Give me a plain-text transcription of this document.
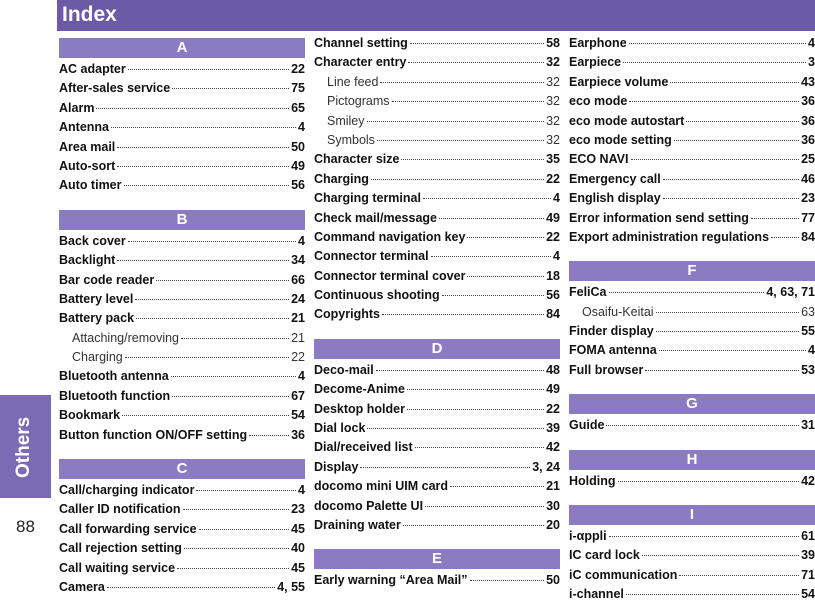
Others
88
Index
A
AC adapter	22
After-sales service	75
Alarm	65
Antenna	4
Area mail	50
Auto-sort	49
Auto timer	56
B
Back cover	4
Backlight	34
Bar code reader	66
Battery level	24
Battery pack	21
Attaching/removing	21
Charging	22
Bluetooth antenna	4
Bluetooth function	67
Bookmark	54
Button function ON/OFF setting	36
C
Call/charging indicator	4
Caller ID notification	23
Call forwarding service	45
Call rejection setting	40
Call waiting service	45
Camera	4, 55
Channel setting	58
Character entry	32
Line feed	32
Pictograms	32
Smiley	32
Symbols	32
Character size	35
Charging	22
Charging terminal	4
Check mail/message	49
Command navigation key	22
Connector terminal	4
Connector terminal cover	18
Continuous shooting	56
Copyrights	84
D
Deco-mail	48
Decome-Anime	49
Desktop holder	22
Dial lock	39
Dial/received list	42
Display	3, 24
docomo mini UIM card	21
docomo Palette UI	30
Draining water	20
E
Early warning “Area Mail”	50
Earphone	4
Earpiece	3
Earpiece volume	43
eco mode	36
eco mode autostart	36
eco mode setting	36
ECO NAVI	25
Emergency call	46
English display	23
Error information send setting	77
Export administration regulations	84
F
FeliCa	4, 63, 71
Osaifu-Keitai	63
Finder display	55
FOMA antenna	4
Full browser	53
G
Guide	31
H
Holding	42
I
i-αppli	61
IC card lock	39
iC communication	71
i-channel	54
